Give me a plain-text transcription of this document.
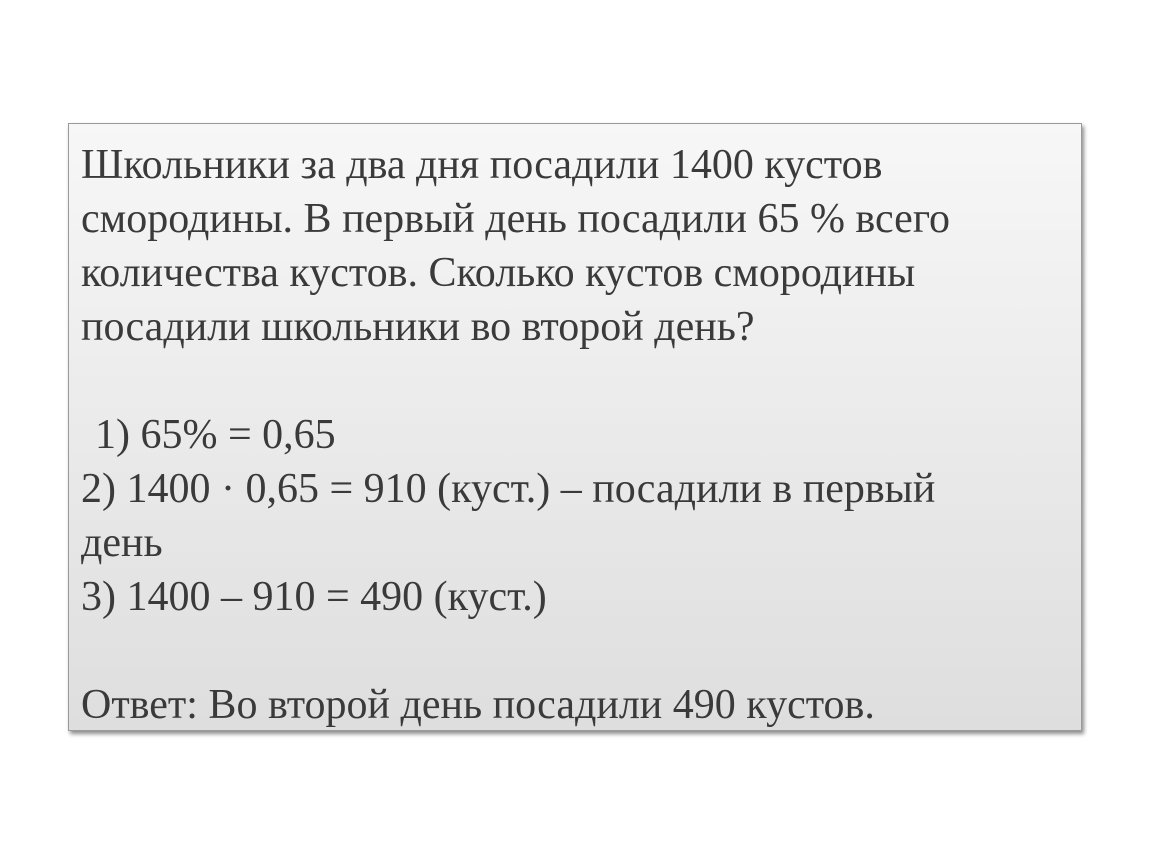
Школьники за два дня посадили 1400 кустов
смородины. В первый день посадили 65 % всего
количества кустов. Сколько кустов смородины
посадили школьники во второй день?
1) 65% = 0,65
2) 1400 · 0,65 = 910 (куст.) – посадили в первый
день
3) 1400 – 910 = 490 (куст.)
Ответ: Во второй день посадили 490 кустов.
